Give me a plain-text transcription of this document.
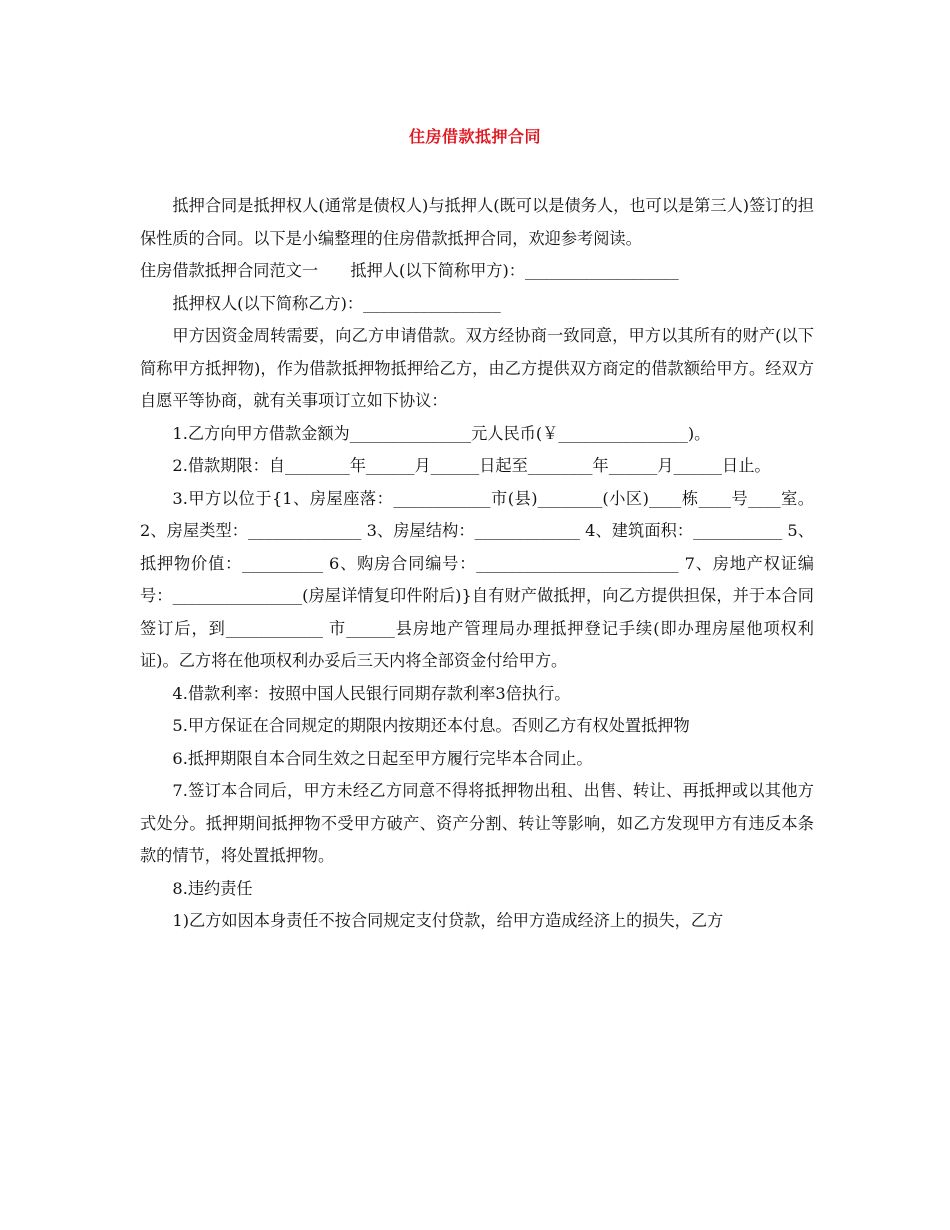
住房借款抵押合同

抵押合同是抵押权人(通常是债权人)与抵押人(既可以是债务人，也可以是第三人)签订的担保性质的合同。以下是小编整理的住房借款抵押合同，欢迎参考阅读。

住房借款抵押合同范文一　　抵押人(以下简称甲方)：___________________

抵押权人(以下简称乙方)：_________________

甲方因资金周转需要，向乙方申请借款。双方经协商一致同意，甲方以其所有的财产(以下简称甲方抵押物)，作为借款抵押物抵押给乙方，由乙方提供双方商定的借款额给甲方。经双方自愿平等协商，就有关事项订立如下协议：

1.乙方向甲方借款金额为_______________元人民币(￥________________)。

2.借款期限：自________年______月______日起至________年______月______日止。

3.甲方以位于{1、房屋座落：____________市(县)________(小区)____栋____号____室。 2、房屋类型：______________ 3、房屋结构：_____________ 4、建筑面积：___________ 5、抵押物价值：__________ 6、购房合同编号：_________________________ 7、房地产权证编号：________________(房屋详情复印件附后)}自有财产做抵押，向乙方提供担保，并于本合同签订后，到____________ 市______县房地产管理局办理抵押登记手续(即办理房屋他项权利证)。乙方将在他项权利办妥后三天内将全部资金付给甲方。

4.借款利率：按照中国人民银行同期存款利率3倍执行。

5.甲方保证在合同规定的期限内按期还本付息。否则乙方有权处置抵押物

6.抵押期限自本合同生效之日起至甲方履行完毕本合同止。

7.签订本合同后，甲方未经乙方同意不得将抵押物出租、出售、转让、再抵押或以其他方式处分。抵押期间抵押物不受甲方破产、资产分割、转让等影响，如乙方发现甲方有违反本条款的情节，将处置抵押物。

8.违约责任

1)乙方如因本身责任不按合同规定支付贷款，给甲方造成经济上的损失，乙方
